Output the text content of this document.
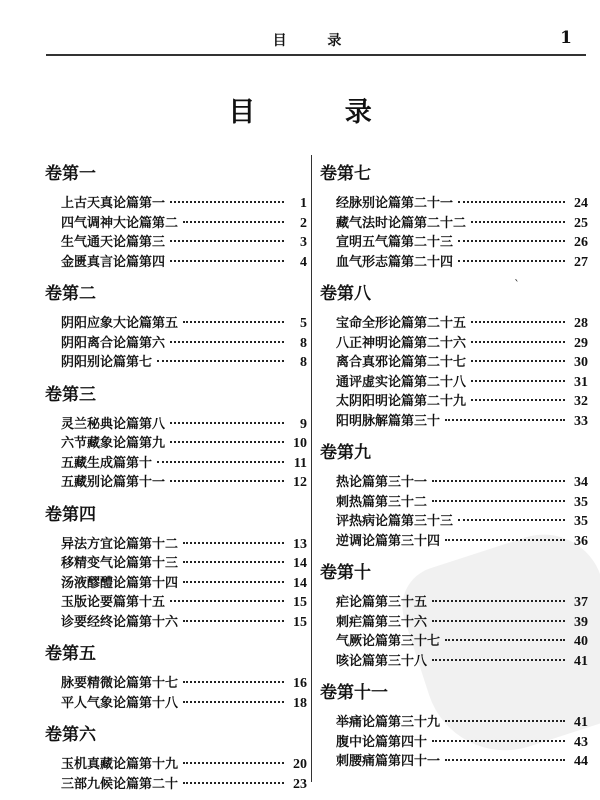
目 录	1
目 录
ˋ
卷第一
上古天真论篇第一	1
四气调神大论篇第二	2
生气通天论篇第三	3
金匮真言论篇第四	4
卷第二
阴阳应象大论篇第五	5
阴阳离合论篇第六	8
阴阳别论篇第七	8
卷第三
灵兰秘典论篇第八	9
六节藏象论篇第九	10
五藏生成篇第十	11
五藏别论篇第十一	12
卷第四
异法方宜论篇第十二	13
移精变气论篇第十三	14
汤液醪醴论篇第十四	14
玉版论要篇第十五	15
诊要经终论篇第十六	15
卷第五
脉要精微论篇第十七	16
平人气象论篇第十八	18
卷第六
玉机真藏论篇第十九	20
三部九候论篇第二十	23
卷第七
经脉别论篇第二十一	24
藏气法时论篇第二十二	25
宣明五气篇第二十三	26
血气形志篇第二十四	27
卷第八
宝命全形论篇第二十五	28
八正神明论篇第二十六	29
离合真邪论篇第二十七	30
通评虚实论篇第二十八	31
太阴阳明论篇第二十九	32
阳明脉解篇第三十	33
卷第九
热论篇第三十一	34
刺热篇第三十二	35
评热病论篇第三十三	35
逆调论篇第三十四	36
卷第十
疟论篇第三十五	37
刺疟篇第三十六	39
气厥论篇第三十七	40
咳论篇第三十八	41
卷第十一
举痛论篇第三十九	41
腹中论篇第四十	43
刺腰痛篇第四十一	44
